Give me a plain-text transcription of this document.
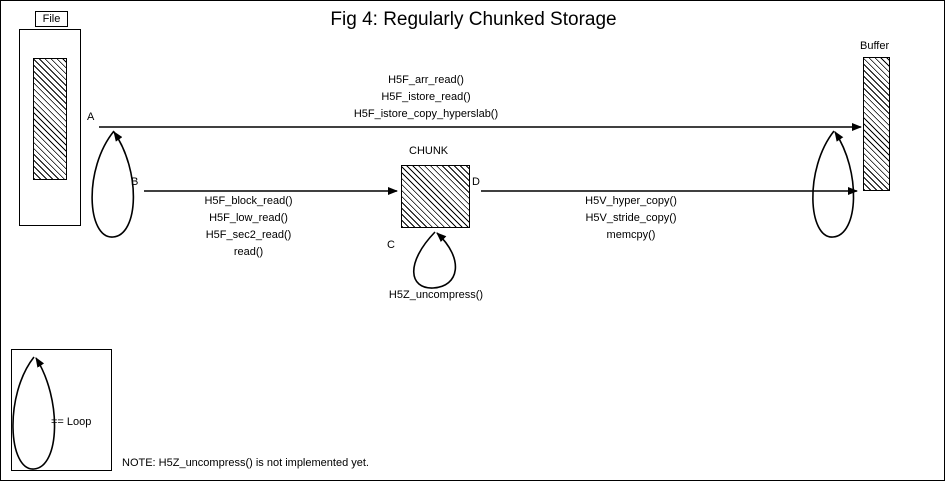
Fig 4: Regularly Chunked Storage
File
Buffer
CHUNK
A
B
C
D
H5F_arr_read()
H5F_istore_read()
H5F_istore_copy_hyperslab()
H5F_block_read()
H5F_low_read()
H5F_sec2_read()
read()
H5V_hyper_copy()
H5V_stride_copy()
memcpy()
H5Z_uncompress()
== Loop
NOTE: H5Z_uncompress() is not implemented yet.
